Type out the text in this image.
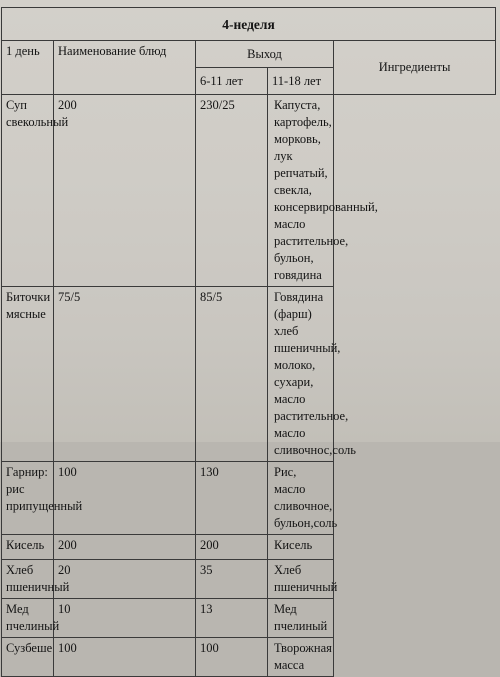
4-неделя				
1 день	Наименование блюд	Выход		Ингредиенты
		6-11 лет	11-18 лет	
Суп свекольный	200	230/25	Капуста, картофель, морковь, лук репчатый, свекла, консервированный, масло растительное, бульон, говядина	
Биточки мясные	75/5	85/5	Говядина (фарш) хлеб пшеничный, молоко, сухари, масло растительное, масло сливочнос,соль	
Гарнир: рис припущенный	100	130	Рис, масло сливочное, бульон,соль	
Кисель	200	200	Кисель	
Хлеб пшеничный	20	35	Хлеб пшеничный	
Мед пчелиный	10	13	Мед пчелиный	
Сузбеше	100	100	Творожная масса	
